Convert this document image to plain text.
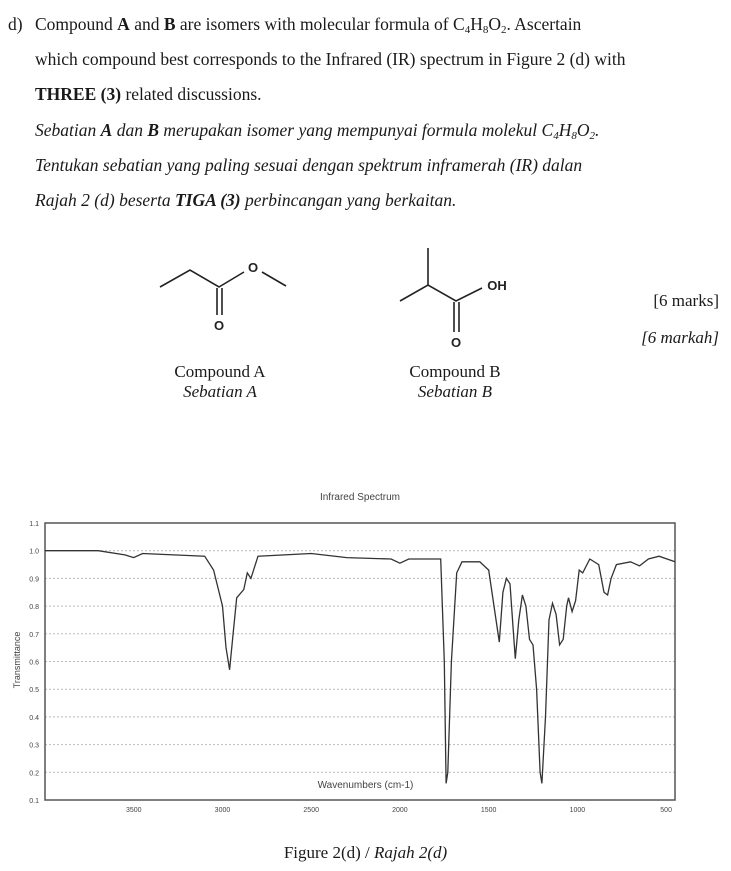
d) Compound A and B are isomers with molecular formula of $C_4H_8O_2$. Ascertain
which compound best corresponds to the Infrared (IR) spectrum in Figure 2 (d) with
THREE (3) related discussions.
Sebatian A dan B merupakan isomer yang mempunyai formula molekul $C_4H_8O_2$.
Tentukan sebatian yang paling sesuai dengan spektrum inframerah (IR) dalan
Rajah 2 (d) beserta TIGA (3) perbincangan yang berkaitan.
O
O
OH
O
Compound A
Sebatian A
Compound B
Sebatian B
[6 marks]
[6 markah]
Infrared Spectrum
0.1
0.2
0.3
0.4
0.5
0.6
0.7
0.8
0.9
1.0
1.1
3500	3000	2500	2000	1500	1000	500
Transmittance
Wavenumbers (cm-1)
Figure 2(d) / Rajah 2(d)
